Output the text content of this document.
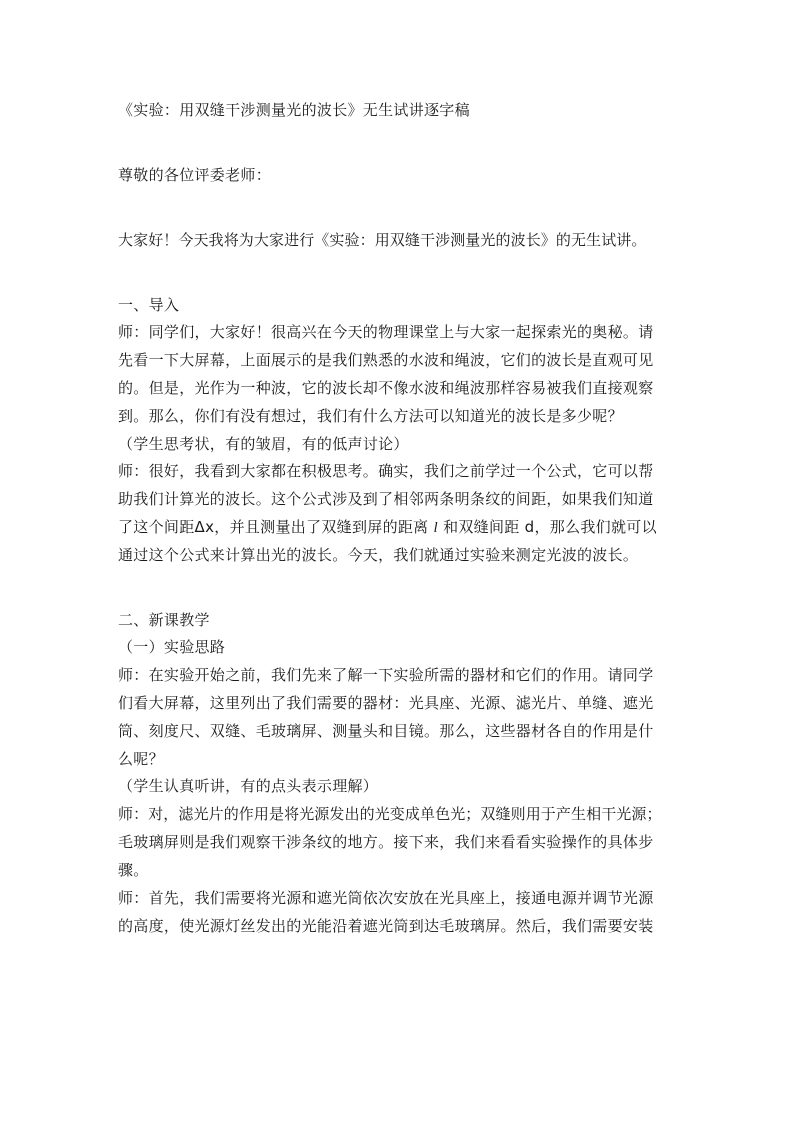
《实验：用双缝干涉测量光的波长》无生试讲逐字稿
尊敬的各位评委老师：
大家好！今天我将为大家进行《实验：用双缝干涉测量光的波长》的无生试讲。
一、导入
师：同学们，大家好！很高兴在今天的物理课堂上与大家一起探索光的奥秘。请
先看一下大屏幕，上面展示的是我们熟悉的水波和绳波，它们的波长是直观可见
的。但是，光作为一种波，它的波长却不像水波和绳波那样容易被我们直接观察
到。那么，你们有没有想过，我们有什么方法可以知道光的波长是多少呢？
（学生思考状，有的皱眉，有的低声讨论）
师：很好，我看到大家都在积极思考。确实，我们之前学过一个公式，它可以帮
助我们计算光的波长。这个公式涉及到了相邻两条明条纹的间距，如果我们知道
了这个间距Δx，并且测量出了双缝到屏的距离 l 和双缝间距 d，那么我们就可以
通过这个公式来计算出光的波长。今天，我们就通过实验来测定光波的波长。
二、新课教学
（一）实验思路
师：在实验开始之前，我们先来了解一下实验所需的器材和它们的作用。请同学
们看大屏幕，这里列出了我们需要的器材：光具座、光源、滤光片、单缝、遮光
筒、刻度尺、双缝、毛玻璃屏、测量头和目镜。那么，这些器材各自的作用是什
么呢？
（学生认真听讲，有的点头表示理解）
师：对，滤光片的作用是将光源发出的光变成单色光；双缝则用于产生相干光源；
毛玻璃屏则是我们观察干涉条纹的地方。接下来，我们来看看实验操作的具体步
骤。
师：首先，我们需要将光源和遮光筒依次安放在光具座上，接通电源并调节光源
的高度，使光源灯丝发出的光能沿着遮光筒到达毛玻璃屏。然后，我们需要安装
